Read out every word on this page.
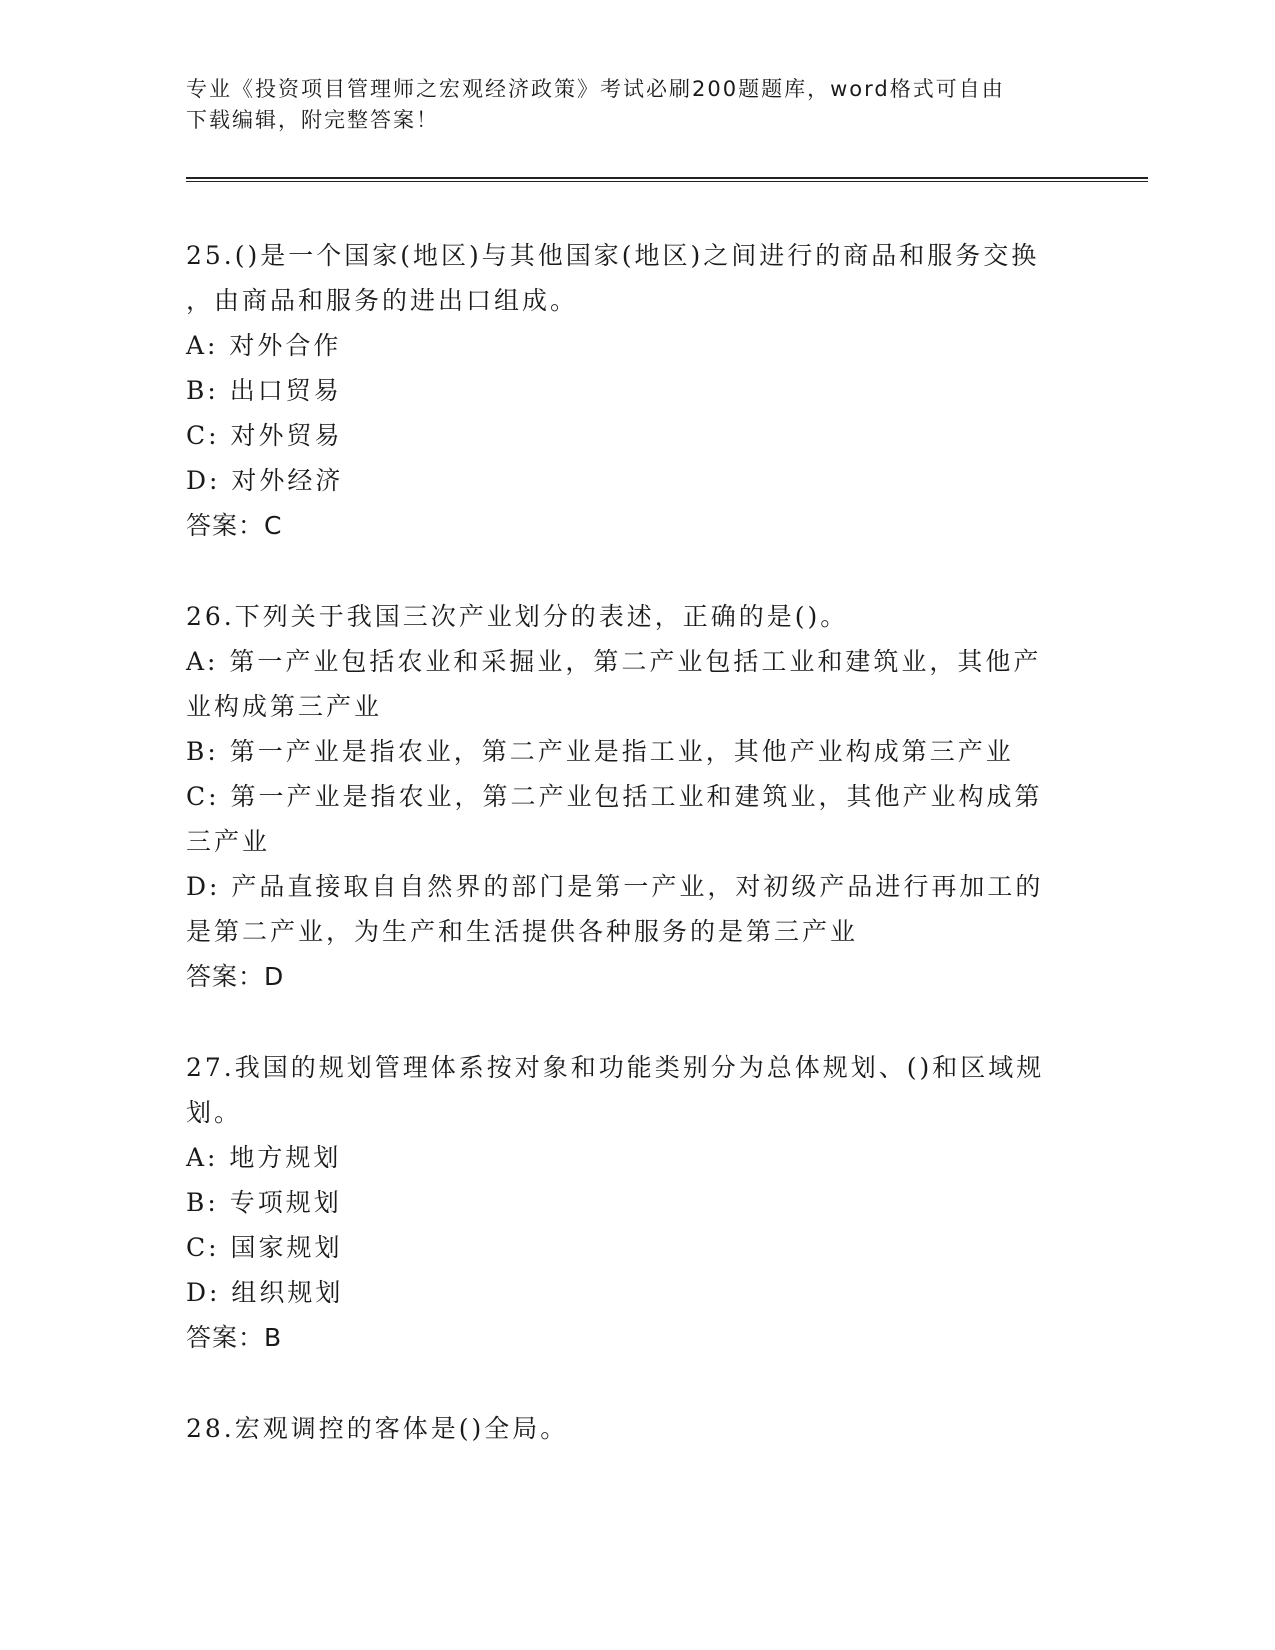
专业《投资项目管理师之宏观经济政策》考试必刷200题题库，word格式可自由
下载编辑，附完整答案！
25.()是一个国家(地区)与其他国家(地区)之间进行的商品和服务交换
，由商品和服务的进出口组成。
A: 对外合作
B: 出口贸易
C: 对外贸易
D: 对外经济
答案：C
26.下列关于我国三次产业划分的表述，正确的是()。
A: 第一产业包括农业和采掘业，第二产业包括工业和建筑业，其他产
业构成第三产业
B: 第一产业是指农业，第二产业是指工业，其他产业构成第三产业
C: 第一产业是指农业，第二产业包括工业和建筑业，其他产业构成第
三产业
D: 产品直接取自自然界的部门是第一产业，对初级产品进行再加工的
是第二产业，为生产和生活提供各种服务的是第三产业
答案：D
27.我国的规划管理体系按对象和功能类别分为总体规划、()和区域规
划。
A: 地方规划
B: 专项规划
C: 国家规划
D: 组织规划
答案：B
28.宏观调控的客体是()全局。
